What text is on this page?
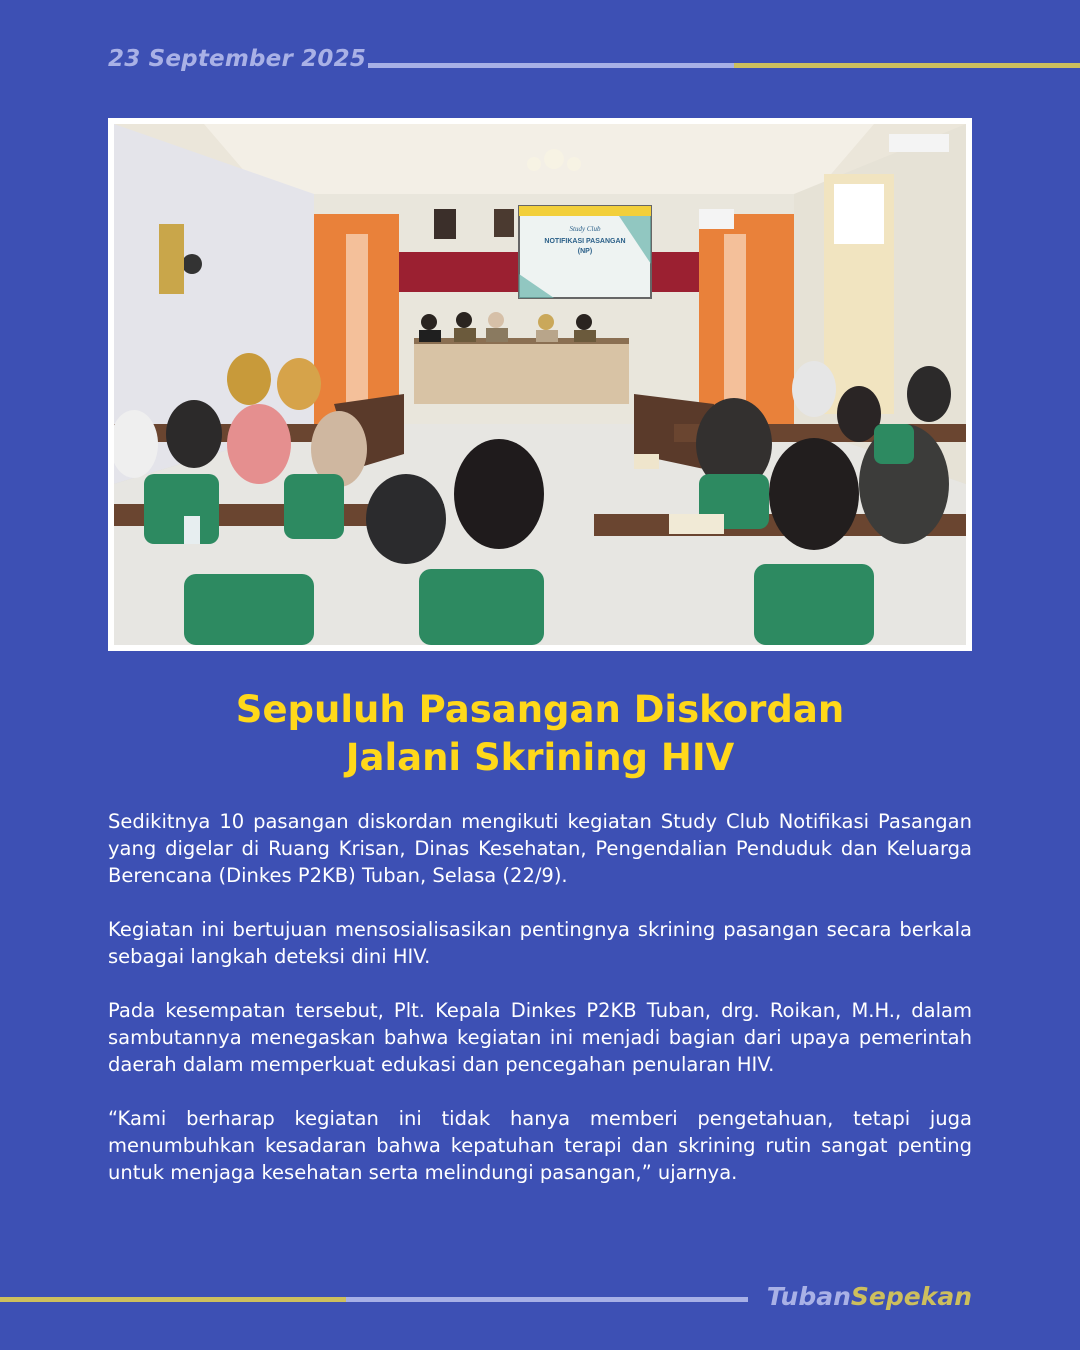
23 September 2025
Study Club
NOTIFIKASI PASANGAN
(NP)
Sepuluh Pasangan Diskordan
Jalani Skrining HIV

Sedikitnya 10 pasangan diskordan mengikuti kegiatan Study Club Notifikasi Pasangan yang digelar di Ruang Krisan, Dinas Kesehatan, Pengendalian Penduduk dan Keluarga Berencana (Dinkes P2KB) Tuban, Selasa (22/9).

Kegiatan ini bertujuan mensosialisasikan pentingnya skrining pasangan secara berkala sebagai langkah deteksi dini HIV.

Pada kesempatan tersebut, Plt. Kepala Dinkes P2KB Tuban, drg. Roikan, M.H., dalam sambutannya menegaskan bahwa kegiatan ini menjadi bagian dari upaya pemerintah daerah dalam memperkuat edukasi dan pencegahan penularan HIV.

“Kami berharap kegiatan ini tidak hanya memberi pengetahuan, tetapi juga menumbuhkan kesadaran bahwa kepatuhan terapi dan skrining rutin sangat penting untuk menjaga kesehatan serta melindungi pasangan,” ujarnya.

TubanSepekan
